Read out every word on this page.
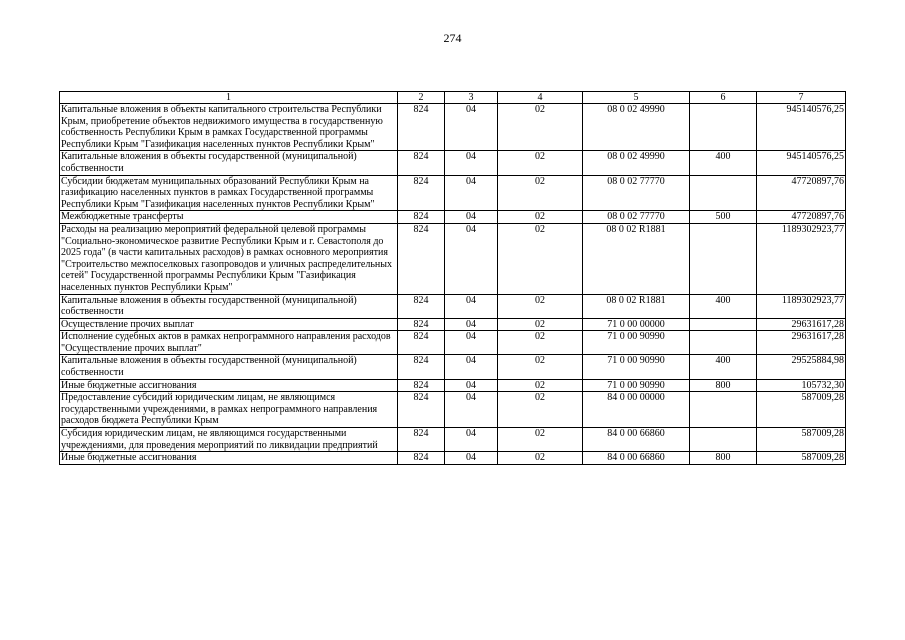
274
1	2	3	4	5	6	7
Капитальные вложения в объекты капитального строительства Республики Крым, приобретение объектов недвижимого имущества в государственную собственность Республики Крым в рамках Государственной программы Республики Крым "Газификация населенных пунктов Республики Крым"	824	04	02	08 0 02 49990		945140576,25
Капитальные вложения в объекты государственной (муниципальной) собственности	824	04	02	08 0 02 49990	400	945140576,25
Субсидии бюджетам муниципальных образований Республики Крым на газификацию населенных пунктов в рамках Государственной программы Республики Крым "Газификация населенных пунктов Республики Крым"	824	04	02	08 0 02 77770		47720897,76
Межбюджетные трансферты	824	04	02	08 0 02 77770	500	47720897,76
Расходы на реализацию мероприятий федеральной целевой программы "Социально-экономическое развитие Республики Крым и г. Севастополя до 2025 года" (в части капитальных расходов) в рамках основного мероприятия "Строительство межпоселковых газопроводов и уличных распределительных сетей" Государственной программы Республики Крым "Газификация населенных пунктов Республики Крым"	824	04	02	08 0 02 R1881		1189302923,77
Капитальные вложения в объекты государственной (муниципальной) собственности	824	04	02	08 0 02 R1881	400	1189302923,77
Осуществление прочих выплат	824	04	02	71 0 00 00000		29631617,28
Исполнение судебных актов в рамках непрограммного направления расходов "Осуществление прочих выплат"	824	04	02	71 0 00 90990		29631617,28
Капитальные вложения в объекты государственной (муниципальной) собственности	824	04	02	71 0 00 90990	400	29525884,98
Иные бюджетные ассигнования	824	04	02	71 0 00 90990	800	105732,30
Предоставление субсидий юридическим лицам, не являющимся государственными учреждениями, в рамках непрограммного направления расходов бюджета Республики Крым	824	04	02	84 0 00 00000		587009,28
Субсидия юридическим лицам, не являющимся государственными учреждениями, для проведения мероприятий по ликвидации предприятий	824	04	02	84 0 00 66860		587009,28
Иные бюджетные ассигнования	824	04	02	84 0 00 66860	800	587009,28
